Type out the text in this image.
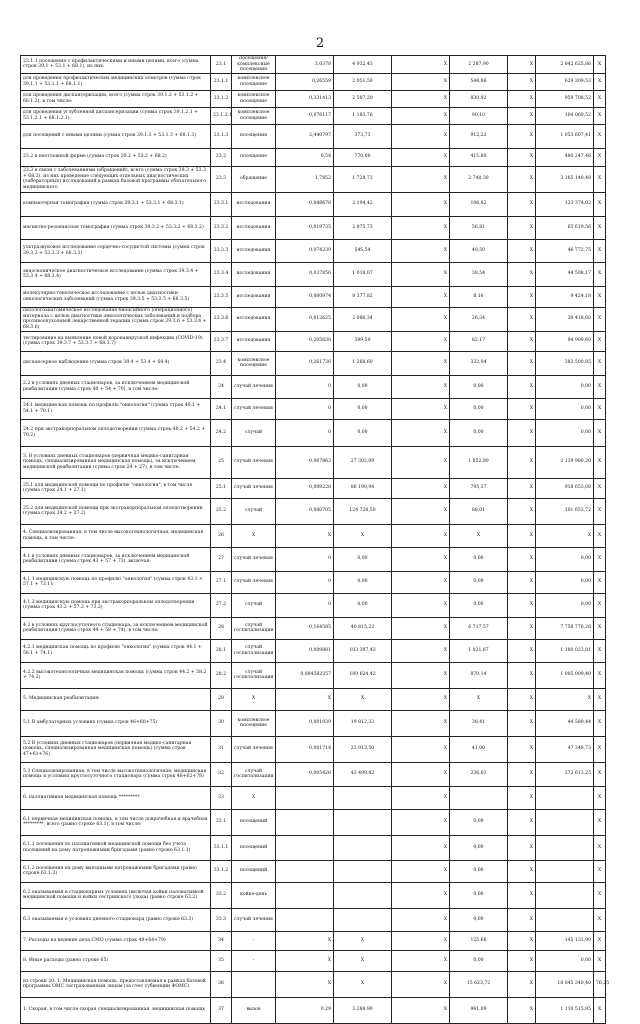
2
23.1.1 посещения с профилактическими и иными целями, всего (сумма строк 39.1 + 53.1 + 68.1), из них:	23.1	посещения/комплексные посещения	3,0378	4 932,43	X	2 287,90	X	2 642 625,86	X
для проведения профилактических медицинских осмотров (сумма строк 39.1.1 + 53.1.1 + 68.1.1)	23.1.1	комплексное посещение	0,26559	2 051,50	X	544,86	X	629 309,53	X
для проведения диспансеризации, всего (сумма строк 39.1.2 + 53.1.2 + 68.1.2), в том числе:	23.1.2	комплексное посещение	0,331413	2 507,20	X	830,92	X	959 708,52	X
для проведения углубленной диспансеризации (сумма строк 39.1.2.1 + 53.1.2.1 + 68.1.2.1)	23.1.2.1	комплексное посещение	0,076117	1 183,76	X	90,10	X	104 069,52	X
для посещений с иными целями (сумма строк 39.1.3 + 53.1.3 + 68.1.3)	23.1.3	посещения	2,440797	373,73	X	912,22	X	1 053 607,41	X
23.2 в неотложной форме (сумма строк 39.2 + 53.2 + 68.2)	23.2	посещение	0,54	770,00	X	415,80	X	480 247,46	X
23.3 в связи с заболеваниями (обращений), всего (сумма строк 39.3 + 53.3 + 68.3), из них проведение следующих отдельных диагностических (лабораторных) исследований в рамках базовой программы обязательного медицинского	23.3	обращение	1,7852	1 728,73	X	2 740,39	X	3 165 140,48	X
компьютерная томография (сумма строк 39.3.1 + 53.3.1 + 68.3.1)	23.3.1	исследования	0,048678	2 194,42	X	106,82	X	123 374,02	X
магнитно-резонансная томография (сумма строк 39.3.2 + 53.3.2 + 68.3.2)	23.3.2	исследования	0,019735	2 875,73	X	56,81	X	65 619,56	X
ультразвуковое исследование сердечно-сосудистой системы (сумма строк 39.3.3 + 53.3.3 + 68.3.3)	23.3.3	исследования	0,074239	545,54	X	40,50	X	46 772,75	X
эндоскопическое диагностическое исследование (сумма строк 39.3.4 + 53.3.4 + 68.3.4)	23.3.4	исследования	0,037856	1 018,07	X	38,54	X	44 508,17	X
молекулярно-генетическое исследование с целью диагностики онкологических заболеваний (сумма строк 39.3.5 + 53.3.5 + 68.3.5)	23.3.5	исследования	0,000974	8 377,82	X	8,16	X	9 424,18	X
патологоанатомическое исследование биопсийного (операционного) материала с целью диагностики онкологических заболеваний и подбора противоопухолевой лекарственной терапии (сумма строк 39.3.6 + 53.3.6 + 68.3.6)	23.3.6	исследования	0,012625	2 086,34	X	26,34	X	30 418,60	X
тестирование на выявление новой коронавирусной инфекции (COVID-19) (сумма строк 39.3.7 + 53.3.7 + 68.3.7)	23.3.7	исследования	0,205638	399,59	X	82,17	X	94 909,60	X
диспансерное наблюдение (сумма строк 39.4 + 53.4 + 68.4)	23.4	комплексное посещение	0,261736	1 268,60	X	332,04	X	383 500,85	X
2.2 в условиях дневных стационаров, за исключением медицинской реабилитации (сумма строк 40 + 54 + 70), в том числе:	24	случай лечения	0	0,00	X	0,00	X	0,00	X
24.1 медицинская помощь по профилю "онкология" (сумма строк 40.1 + 54.1 + 70.1)	24.1	случай лечения	0	0,00	X	0,00	X	0,00	X
24.2 при экстракорпоральном оплодотворении (сумма строк 40.2 + 54.2 + 70.2)	24.2	случай	0	0,00	X	0,00	X	0,00	X
3. В условиях дневных стационаров (первичная медико-санитарная помощь, специализированная медицинская помощь), за исключением медицинской реабилитации (сумма строк 24 + 27), в том числе:	25	случай лечения	0,067863	27 302,09	X	1 852,80	X	2 139 980,20	X
25.1 для медицинской помощи по профилю "онкология", в том числе (сумма строк 24.1 + 27.1)	25.1	случай лечения	0,009228	86 190,94	X	795,37	X	918 653,08	X
25.2 для медицинской помощи при экстракорпоральном оплодотворении (сумма строк 24.2 + 27.2)	25.2	случай	0,000705	124 728,50	X	88,01	X	101 653,72	X
4. Специализированная, в том числе высокотехнологичная, медицинская помощь, в том числе:	26	X	X	X	X	X	X	X	X
4.1 в условиях дневных стационаров, за исключением медицинской реабилитации (сумма строк 43 + 57 + 73), включая:	27	случай лечения	0	0,00	X	0,00	X	0,00	X
4.1.1 медицинскую помощь по профилю "онкология" (сумма строк 43.1 + 57.1 + 73.1):	27.1	случай лечения	0	0,00	X	0,00	X	0,00	X
4.1.2 медицинскую помощь при экстракорпоральном оплодотворении (сумма строк 43.2 + 57.2 + 73.2)	27.2	случай	0	0,00	X	0,00	X	0,00	X
4.2 в условиях круглосуточного стационара, за исключением медицинской реабилитации (сумма строк 44 + 58 + 74), в том числе:	28	случай госпитализации	0,164585	40 815,22	X	6 717,57	X	7 758 776,28	X
4.2.1 медицинская помощь по профилю "онкология" (сумма строк 44.1 + 58.1 + 74.1)	28.1	случай госпитализации	0,009881	103 397,43	X	1 021,67	X	1 180 023,81	X
4.2.2 высокотехнологичная медицинская помощь (сумма строк 44.2 + 58.2 + 74.2)	28.2	случай госпитализации	0,004582257	189 624,42	X	870,14	X	1 005 009,40	X
5. Медицинская реабилитация:	29	X	X	X	X	X	X	X	X
5.1 В амбулаторных условиях (сумма строк 46+60+75)	30	комплексное посещение	0,001939	19 812,33	X	38,41	X	44 589,44	X
5.2 В условиях дневных стационаров (первичная медико-санитарная помощь, специализированная медицинская помощь) (сумма строк 47+61+76)	31	случай лечения	0,001714	23 913,50	X	41,00	X	47 348,73	X
5.3 Специализированная, в том числе высокотехнологичная, медицинская помощь в условиях круглосуточного стационара (сумма строк 48+62+78)	32	случай госпитализации	0,005426	43 499,82	X	236,03	X	272 613,25	X
6. паллиативная медицинская помощь *********	33	X			X		X		X
6.1 первичная медицинская помощь, в том числе доврачебная и врачебная *********, всего (равно строке 63.1), в том числе:	33.1	посещений			X	0,00	X		X
6.1.1 посещения по паллиативной медицинской помощи без учета посещений на дому патронажными бригадами (равно строке 63.1.1)	33.1.1	посещений			X	0,00	X		X
6.1.2 посещения на дому выездными патронажными бригадами (равно строке 63.1.2)	33.1.2	посещений			X	0,00	X		X
6.2 оказываемая в стационарных условиях (включая койки паллиативной медицинской помощи и койки сестринского ухода) (равно строке 63.2)	33.2	койко-день			X	0,00	X		X
6.3 оказываемая в условиях дневного стационара (равно строке 63.3)	33.3	случай лечения			X	0,00	X		X
7. Расходы на ведение дела СМО (сумма строк 49+64+79)	34	-	X	X	X	125,66	X	145 131,90	X
8. Иные расходы (равно строке 65)	35	-	X	X	X	0,00	X	0,00	X
из строки 20: 1. Медицинская помощь, предоставляемая в рамках базовой программы ОМС застрахованным лицам (за счет субвенции ФОМС)	36		X	X	X	15 623,72	X	18 045 340,40	76,25
1. Скорая, в том числе скорая специализированная, медицинская помощь	37	вызов	0,29	3 288,90	X	961,09	X	1 110 515,95	X
